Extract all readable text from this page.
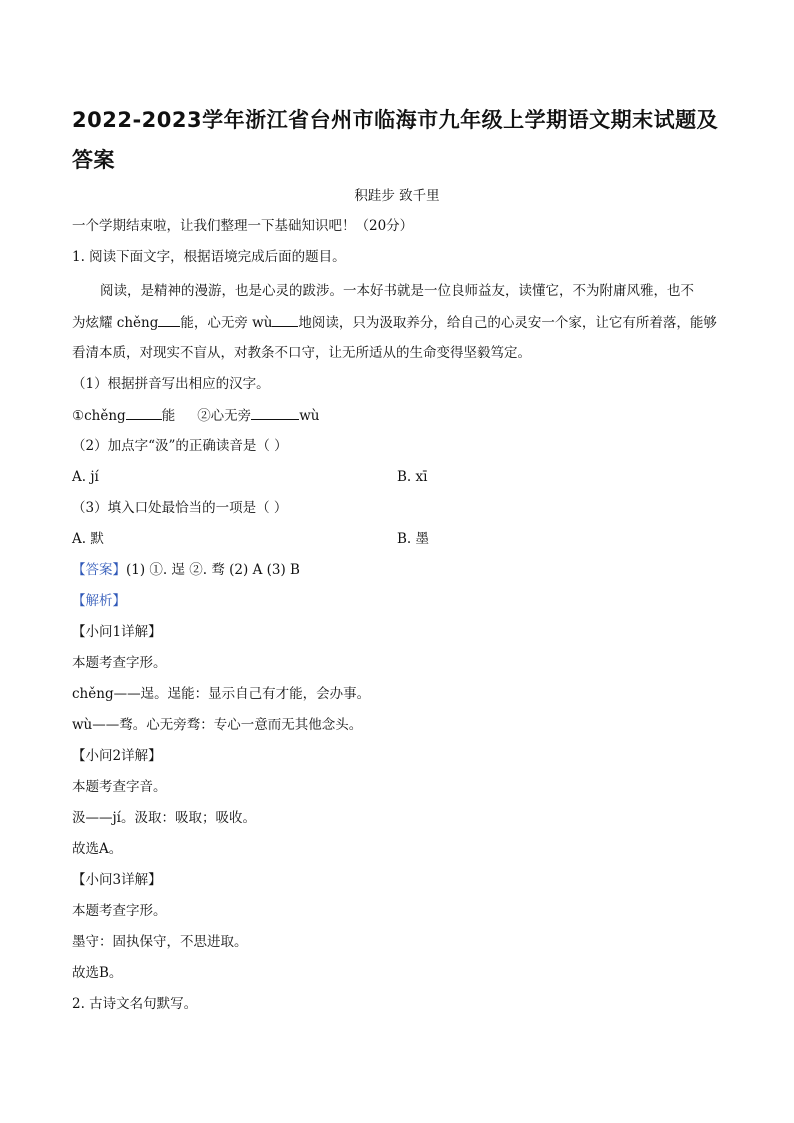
2022-2023学年浙江省台州市临海市九年级上学期语文期末试题及答案
积跬步 致千里
一个学期结束啦，让我们整理一下基础知识吧！（20分）
1. 阅读下面文字，根据语境完成后面的题目。
阅读，是精神的漫游，也是心灵的跋涉。一本好书就是一位良师益友，读懂它，不为附庸风雅，也不
为炫耀 chěng 能，心无旁 wù 地阅读，只为汲取养分，给自己的心灵安一个家，让它有所着落，能够
看清本质，对现实不盲从，对教条不口守，让无所适从的生命变得坚毅笃定。
（1）根据拼音写出相应的汉字。
①chěng	能 ②心无旁	wù
（2）加点字“汲”的正确读音是（ ）
A. jí	B. xī
（3）填入口处最恰当的一项是（ ）
A. 默	B. 墨
【答案】(1) ①. 逞 ②. 骛 (2) A (3) B
【解析】
【小问1详解】
本题考查字形。
chěng——逞。逞能：显示自己有才能，会办事。
wù——骛。心无旁骛：专心一意而无其他念头。
【小问2详解】
本题考查字音。
汲——jí。汲取：吸取；吸收。
故选A。
【小问3详解】
本题考查字形。
墨守：固执保守，不思进取。
故选B。
2. 古诗文名句默写。
